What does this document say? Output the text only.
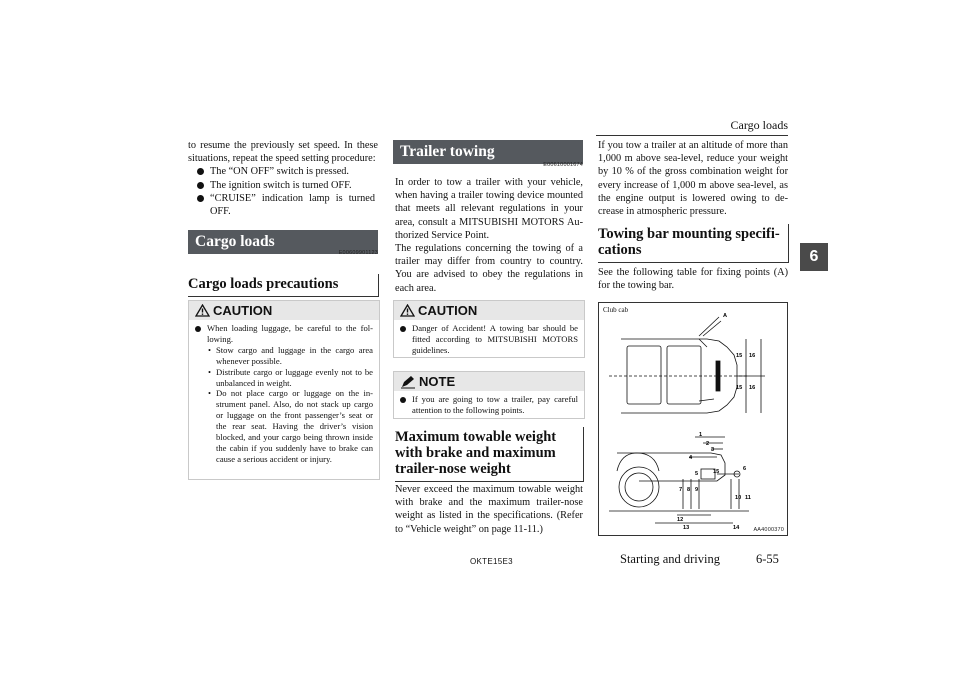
Cargo loads
6
to resume the previously set speed. In these situations, repeat the speed setting procedure:
The “ON OFF” switch is pressed.
The ignition switch is turned OFF.
“CRUISE” indication lamp is turned OFF.
Cargo loads
E00609901123
Cargo loads precautions
CAUTION
When loading luggage, be careful to the fol-lowing.
• Stow cargo and luggage in the cargo area whenever possible.
• Distribute cargo or luggage evenly not to be unbalanced in weight.
• Do not place cargo or luggage on the in-strument panel. Also, do not stack up cargo or luggage on the front passenger’s seat or the rear seat. Having the driver’s vision blocked, and your cargo being thrown inside the cabin if you suddenly have to brake can cause a serious accident or injury.
Trailer towing
E00610001674
In order to tow a trailer with your vehicle, when having a trailer towing device mounted that meets all relevant regulations in your area, consult a MITSUBISHI MOTORS Au-thorized Service Point.
The regulations concerning the towing of a trailer may differ from country to country. You are advised to obey the regulations in each area.
CAUTION
Danger of Accident! A towing bar should be fitted according to MITSUBISHI MOTORS guidelines.
NOTE
If you are going to tow a trailer, pay careful attention to the following points.
Maximum towable weight with brake and maximum trailer-nose weight
Never exceed the maximum towable weight with brake and the maximum trailer-nose weight as listed in the specifications. (Refer to “Vehicle weight” on page 11-11.)
If you tow a trailer at an altitude of more than 1,000 m above sea-level, reduce your weight by 10 % of the gross combination weight for every increase of 1,000 m above sea-level, as the engine output is lowered owing to de-crease in atmospheric pressure.
Towing bar mounting specifi-cations
See the following table for fixing points (A) for the towing bar.
Club cab
A
15 16
15 16
1
2
3
4
5
6
7 8 9
10 11
12
13	14
15
AA4000370
OKTE15E3	Starting and driving	6-55
